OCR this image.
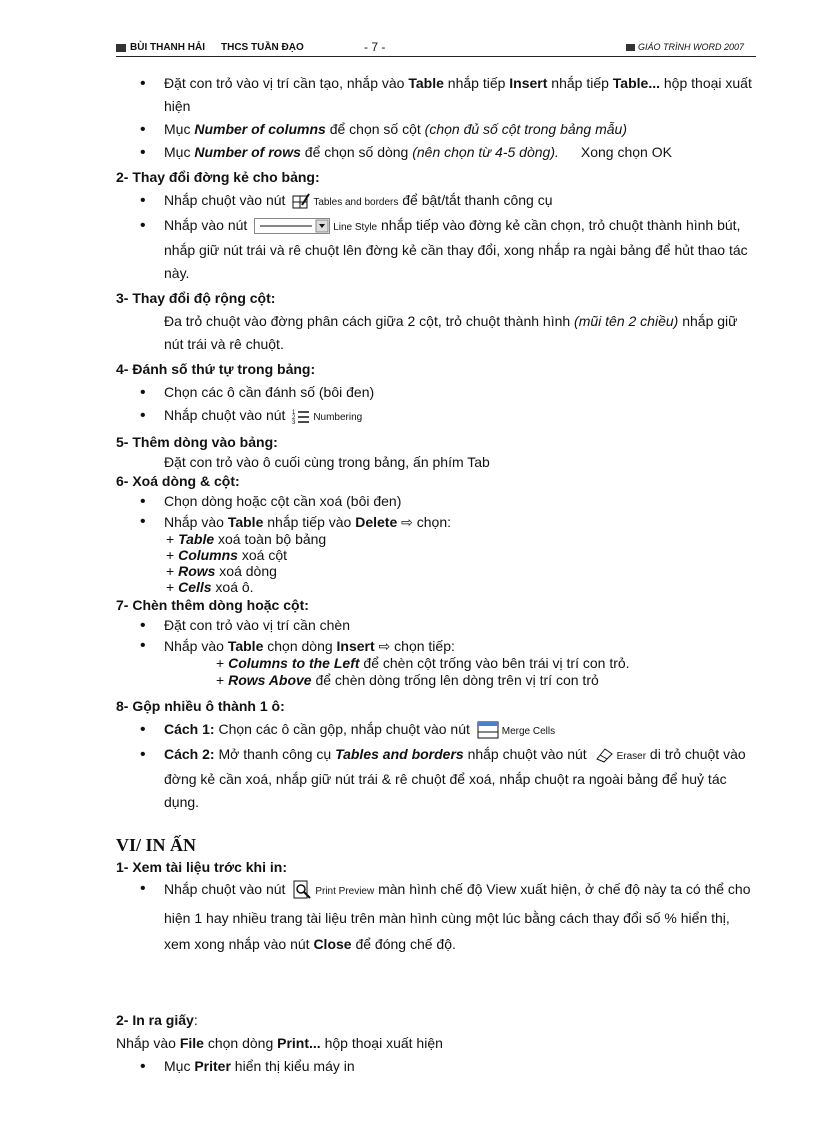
BÙI THANH HẢI THCS TUẦN ĐẠO	- 7 -	GIÁO TRÌNH WORD 2007
• Đặt con trỏ vào vị trí cần tạo, nhắp vào Table nhắp tiếp Insert nhắp tiếp Table... hộp thoại xuất hiện
• Mục Number of columns để chọn số cột (chọn đủ số cột trong bảng mẫu)
• Mục Number of rows để chọn số dòng (nên chọn từ 4-5 dòng). Xong chọn OK
2- Thay đổi đờng kẻ cho bảng:
• Nhắp chuột vào nút	Tables and borders để bật/tắt thanh công cụ
• Nhắp vào nút	Line Style nhắp tiếp vào đờng kẻ cần chọn, trỏ chuột thành hình bút, nhắp giữ nút trái và rê chuột lên đờng kẻ cần thay đổi, xong nhắp ra ngài bảng để hủt thao tác này.
3- Thay đổi độ rộng cột:
Đa trỏ chuột vào đờng phân cách giữa 2 cột, trỏ chuột thành hình (mũi tên 2 chiều) nhắp giữ nút trái và rê chuột.
4- Đánh số thứ tự trong bảng:
• Chọn các ô cần đánh số (bôi đen)
• Nhắp chuột vào nút 1
2
3
Numbering
5- Thêm dòng vào bảng:
Đặt con trỏ vào ô cuối cùng trong bảng, ấn phím Tab
6- Xoá dòng & cột:
• Chọn dòng hoặc cột cần xoá (bôi đen)
• Nhắp vào Table nhắp tiếp vào Delete ⇨ chọn:
+ Table xoá toàn bộ bảng
+ Columns xoá cột
+ Rows xoá dòng
+ Cells xoá ô.
7- Chèn thêm dòng hoặc cột:
• Đặt con trỏ vào vị trí cần chèn
• Nhắp vào Table chọn dòng Insert ⇨ chọn tiếp:
+ Columns to the Left để chèn cột trống vào bên trái vị trí con trỏ.
+ Rows Above để chèn dòng trống lên dòng trên vị trí con trỏ
8- Gộp nhiều ô thành 1 ô:
• Cách 1: Chọn các ô cần gộp, nhắp chuột vào nút	Merge Cells
• Cách 2: Mở thanh công cụ Tables and borders nhắp chuột vào nút	Eraser di trỏ chuột vào đờng kẻ cần xoá, nhắp giữ nút trái & rê chuột để xoá, nhắp chuột ra ngoài bảng để huỷ tác dụng.
VI/ IN ẤN
1- Xem tài liệu trớc khi in:
• Nhắp chuột vào nút	Print Preview màn hình chế độ View xuất hiện, ở chế độ này ta có thể cho hiện 1 hay nhiều trang tài liệu trên màn hình cùng một lúc bằng cách thay đổi số % hiển thị, xem xong nhắp vào nút Close để đóng chế độ.
2- In ra giấy:
Nhắp vào File chọn dòng Print... hộp thoại xuất hiện
• Mục Priter hiển thị kiểu máy in
